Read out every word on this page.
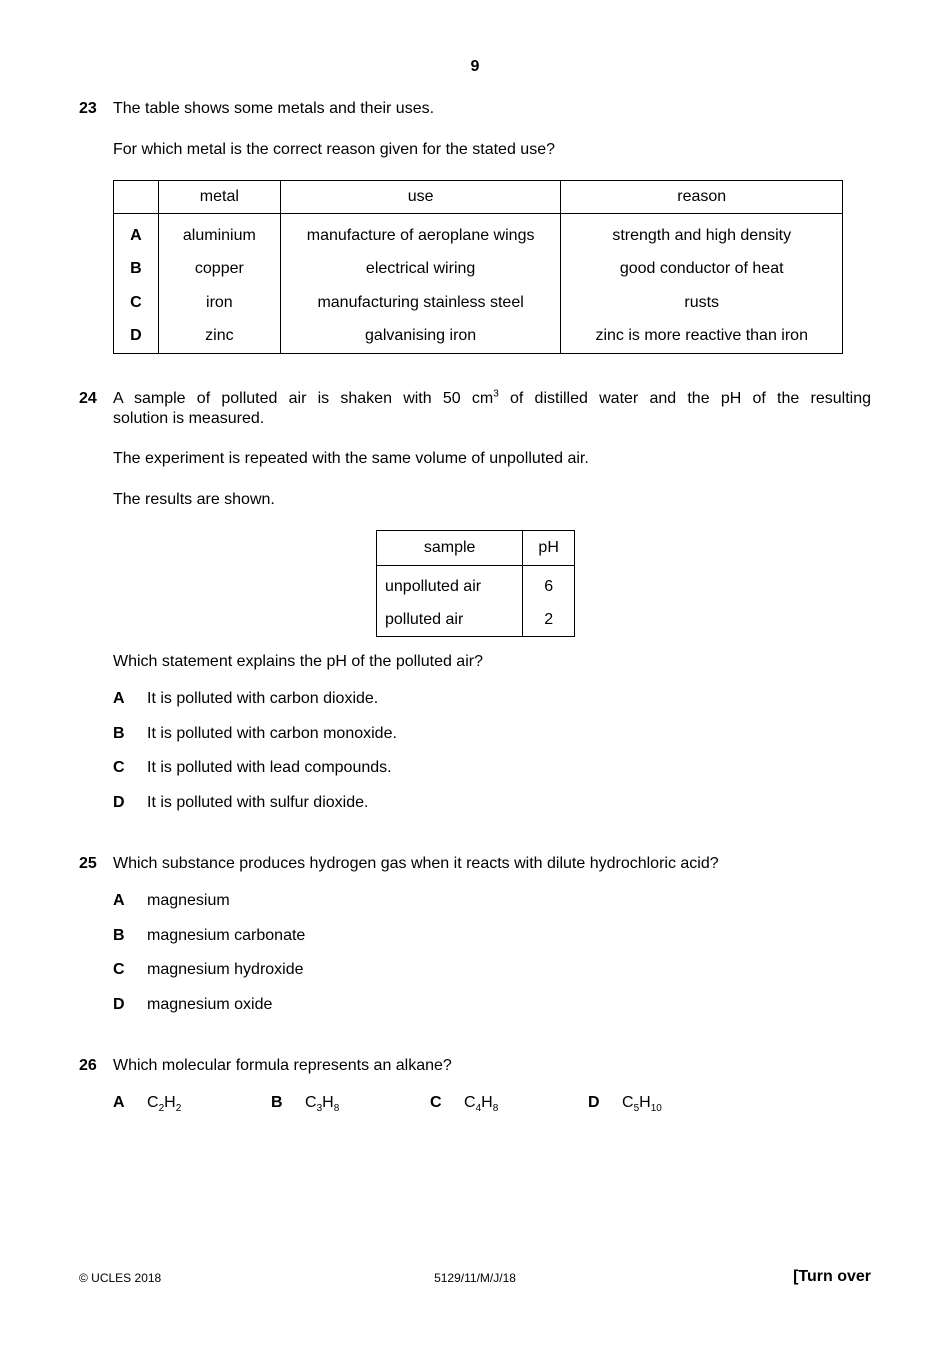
9
23 The table shows some metals and their uses.
For which metal is the correct reason given for the stated use?
	metal	use	reason
A	aluminium	manufacture of aeroplane wings	strength and high density
B	copper	electrical wiring	good conductor of heat
C	iron	manufacturing stainless steel	rusts
D	zinc	galvanising iron	zinc is more reactive than iron
24 A sample of polluted air is shaken with 50 $cm^3$ of distilled water and the pH of the resulting
solution is measured.
The experiment is repeated with the same volume of unpolluted air.
The results are shown.
sample	pH
unpolluted air	6
polluted air	2
Which statement explains the pH of the polluted air?
A It is polluted with carbon dioxide.
B It is polluted with carbon monoxide.
C It is polluted with lead compounds.
D It is polluted with sulfur dioxide.
25 Which substance produces hydrogen gas when it reacts with dilute hydrochloric acid?
A magnesium
B magnesium carbonate
C magnesium hydroxide
D magnesium oxide
26 Which molecular formula represents an alkane?
A $C_2H_2$	B $C_3H_8$	C $C_4H_8$	D $C_5H_{10}$
© UCLES 2018	5129/11/M/J/18	[Turn over
